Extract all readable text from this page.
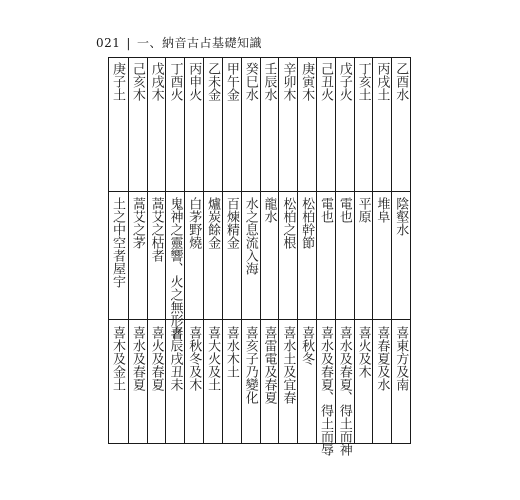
021 | 一、納音古占基礎知識
乙酉水
陰壑水
喜東方及南
丙戌土
堆阜
喜春夏及水
丁亥土
平原
喜火及木
戊子火
電也
喜水及春夏、得土而神
己丑火
電也
喜水及春夏、得土而辱
庚寅木
松柏幹節
喜秋冬
辛卯木
松柏之根
喜水土及宜春
壬辰水
龍水
喜雷電及春夏
癸巳水
水之息流入海
喜亥子乃變化
甲午金
百煉精金
喜水木土
乙未金
爐炭餘金
喜大火及土
丙申火
白茅野燒
喜秋冬及木
丁酉火
鬼神之靈響、火之無形者
喜辰戌丑未
戊戌木
蒿艾之枯者
喜火及春夏
己亥木
蒿艾之茅
喜水及春夏
庚子土
土之中空者屋宇
喜木及金土
